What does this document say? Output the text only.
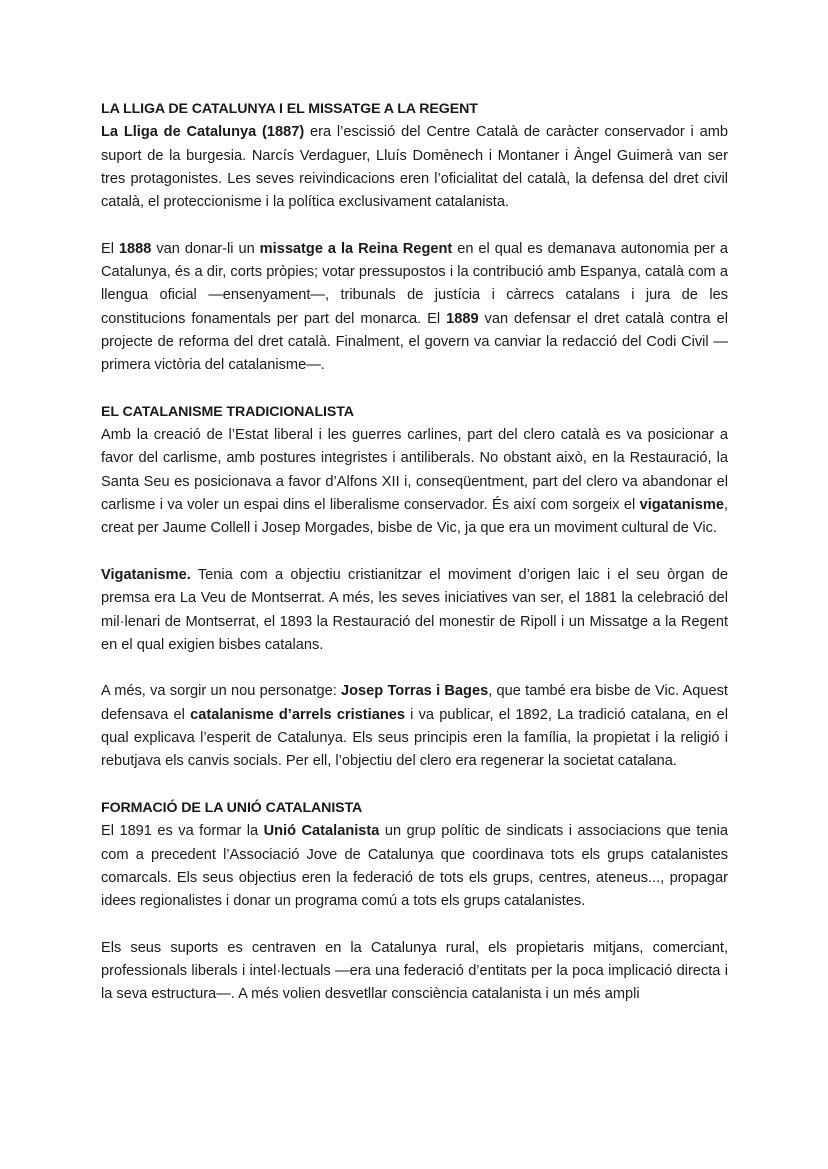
LA LLIGA DE CATALUNYA I EL MISSATGE A LA REGENT

La Lliga de Catalunya (1887) era l’escissió del Centre Català de caràcter conservador i amb suport de la burgesia. Narcís Verdaguer, Lluís Domènech i Montaner i Àngel Guimerà van ser tres protagonistes. Les seves reivindicacions eren l’oficialitat del català, la defensa del dret civil català, el proteccionisme i la política exclusivament catalanista.

El 1888 van donar-li un missatge a la Reina Regent en el qual es demanava autonomia per a Catalunya, és a dir, corts pròpies; votar pressupostos i la contribució amb Espanya, català com a llengua oficial —ensenyament—, tribunals de justícia i càrrecs catalans i jura de les constitucions fonamentals per part del monarca. El 1889 van defensar el dret català contra el projecte de reforma del dret català. Finalment, el govern va canviar la redacció del Codi Civil —primera victòria del catalanisme—.

EL CATALANISME TRADICIONALISTA

Amb la creació de l’Estat liberal i les guerres carlines, part del clero català es va posicionar a favor del carlisme, amb postures integristes i antiliberals. No obstant això, en la Restauració, la Santa Seu es posicionava a favor d’Alfons XII i, conseqüentment, part del clero va abandonar el carlisme i va voler un espai dins el liberalisme conservador. És així com sorgeix el vigatanisme, creat per Jaume Collell i Josep Morgades, bisbe de Vic, ja que era un moviment cultural de Vic.

Vigatanisme. Tenia com a objectiu cristianitzar el moviment d’origen laic i el seu òrgan de premsa era La Veu de Montserrat. A més, les seves iniciatives van ser, el 1881 la celebració del mil·lenari de Montserrat, el 1893 la Restauració del monestir de Ripoll i un Missatge a la Regent en el qual exigien bisbes catalans.

A més, va sorgir un nou personatge: Josep Torras i Bages, que també era bisbe de Vic. Aquest defensava el catalanisme d’arrels cristianes i va publicar, el 1892, La tradició catalana, en el qual explicava l’esperit de Catalunya. Els seus principis eren la família, la propietat i la religió i rebutjava els canvis socials. Per ell, l’objectiu del clero era regenerar la societat catalana.

FORMACIÓ DE LA UNIÓ CATALANISTA

El 1891 es va formar la Unió Catalanista un grup polític de sindicats i associacions que tenia com a precedent l’Associació Jove de Catalunya que coordinava tots els grups catalanistes comarcals. Els seus objectius eren la federació de tots els grups, centres, ateneus..., propagar idees regionalistes i donar un programa comú a tots els grups catalanistes.

Els seus suports es centraven en la Catalunya rural, els propietaris mitjans, comerciant, professionals liberals i intel·lectuals —era una federació d’entitats per la poca implicació directa i la seva estructura—. A més volien desvetllar consciència catalanista i un més ampli
